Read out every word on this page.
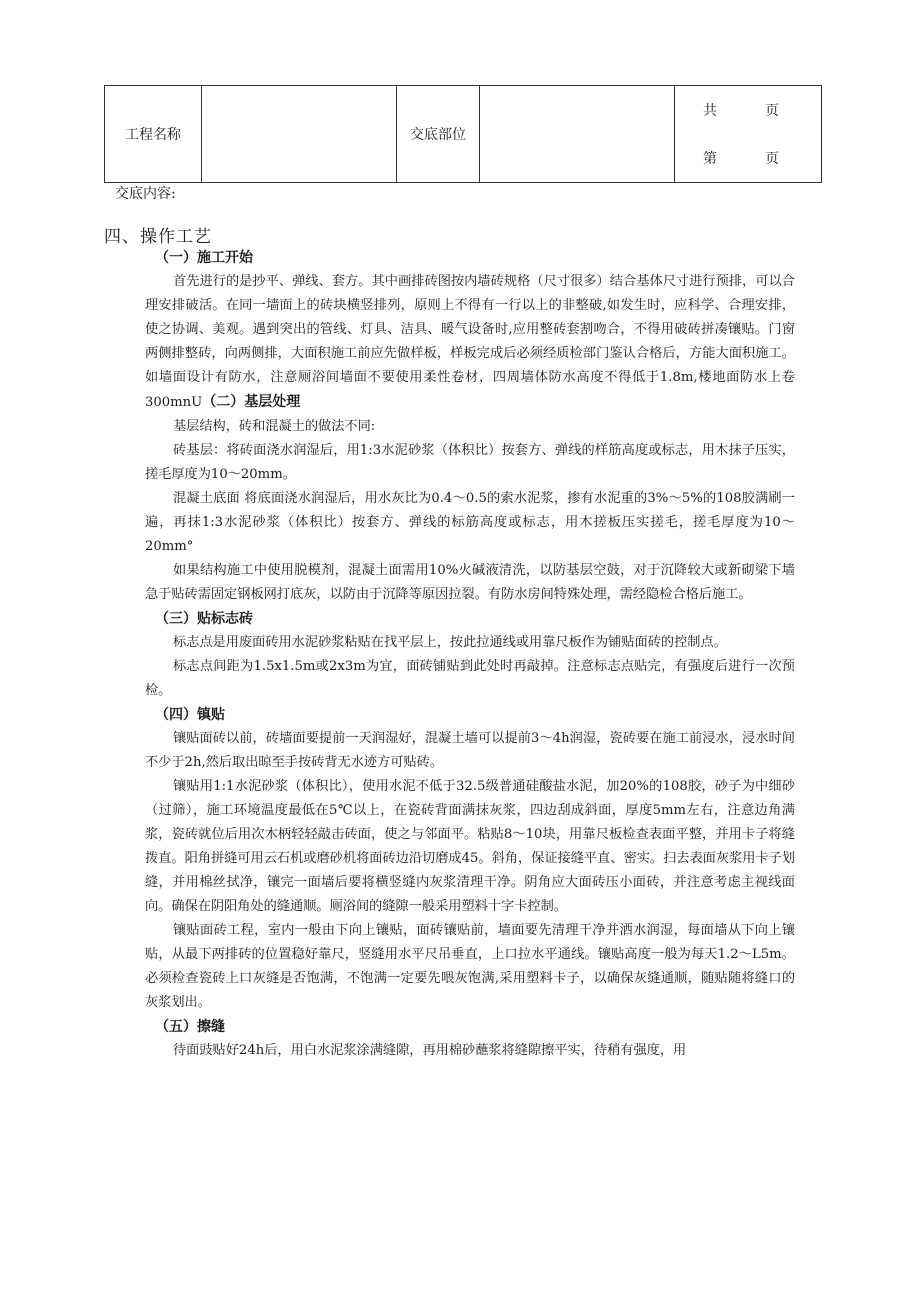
工程名称		交底部位		
共	页
第	页
交底内容:
四、操作工艺
（一）施工开始

首先进行的是抄平、弹线、套方。其中画排砖图按内墙砖规格（尺寸很多）结合基体尺寸进行预排，可以合理安排破活。在同一墙面上的砖块横竖排列，原则上不得有一行以上的非整破,如发生时，应科学、合理安排，使之协调、美观。遇到突出的管线、灯具、洁具、暖气设备时,应用整砖套割吻合，不得用破砖拼凑镶贴。门窗两侧排整砖，向两侧排，大面积施工前应先做样板，样板完成后必须经质检部门鉴认合格后，方能大面积施工。如墙面设计有防水，注意厕浴间墙面不要使用柔性卷材，四周墙体防水高度不得低于1.8m,楼地面防水上卷300mnU（二）基层处理

基层结构，砖和混凝土的做法不同:

砖基层：将砖面浇水润湿后，用1:3水泥砂浆（体积比）按套方、弹线的样筋高度或标志，用木抹子压实，搓毛厚度为10～20mm。

混凝土底面 将底面浇水润湿后，用水灰比为0.4～0.5的索水泥浆，掺有水泥重的3%～5%的108胶满刷一遍，再抹1:3水泥砂浆（体积比）按套方、弹线的标筋高度或标志，用木搓板压实搓毛，搓毛厚度为10～20mm°

如果结构施工中使用脱模剂，混凝土面需用10%火碱液清洗，以防基层空鼓，对于沉降较大或新砌梁下墙急于贴砖需固定钢板网打底灰，以防由于沉降等原因拉裂。有防水房间特殊处理，需经隐检合格后施工。

（三）贴标志砖

标志点是用废面砖用水泥砂浆粘贴在找平层上，按此拉通线或用靠尺板作为铺贴面砖的控制点。

标志点间距为1.5x1.5m或2x3m为宜，面砖铺贴到此处时再敲掉。注意标志点贴完，有强度后进行一次预检。

（四）镇贴

镶贴面砖以前，砖墙面要提前一天润湿好，混凝土墙可以提前3～4h润湿，瓷砖要在施工前浸水，浸水时间不少于2h,然后取出晾至手按砖背无水迹方可贴砖。

镶贴用1:1水泥砂浆（体积比），使用水泥不低于32.5级普通硅酸盐水泥，加20%的108胶，砂子为中细砂（过筛），施工环境温度最低在5℃以上，在瓷砖背面满抹灰浆，四边刮成斜面，厚度5mm左右，注意边角满浆，瓷砖就位后用次木柄轻轻敲击砖面，使之与邻面平。粘贴8～10块，用靠尺板检查表面平整，并用卡子将缝拨直。阳角拼缝可用云石机或磨砂机将面砖边沿切磨成45。斜角，保证接缝平直、密实。扫去表面灰浆用卡子划缝，并用棉丝拭净，镶完一面墙后要将横竖缝内灰浆清理干净。阴角应大面砖压小面砖，并注意考虑主视线面向。确保在阴阳角处的缝通顺。厕浴间的缝隙一般采用塑料十字卡控制。

镶贴面砖工程，室内一般由下向上镶贴，面砖镶贴前，墙面要先清理干净并洒水润湿，每面墙从下向上镶贴，从最下两排砖的位置稳好靠尺，竖缝用水平尺吊垂直，上口拉水平通线。镶贴高度一般为每天1.2～L5m。必须检查瓷砖上口灰缝是否饱满，不饱满一定要先喂灰饱满,采用塑料卡子，以确保灰缝通顺，随贴随将缝口的灰浆划出。

（五）擦缝

待面豉贴好24h后，用白水泥浆涂满缝隙，再用棉砂蘸浆将缝隙擦平实，待稍有强度，用
